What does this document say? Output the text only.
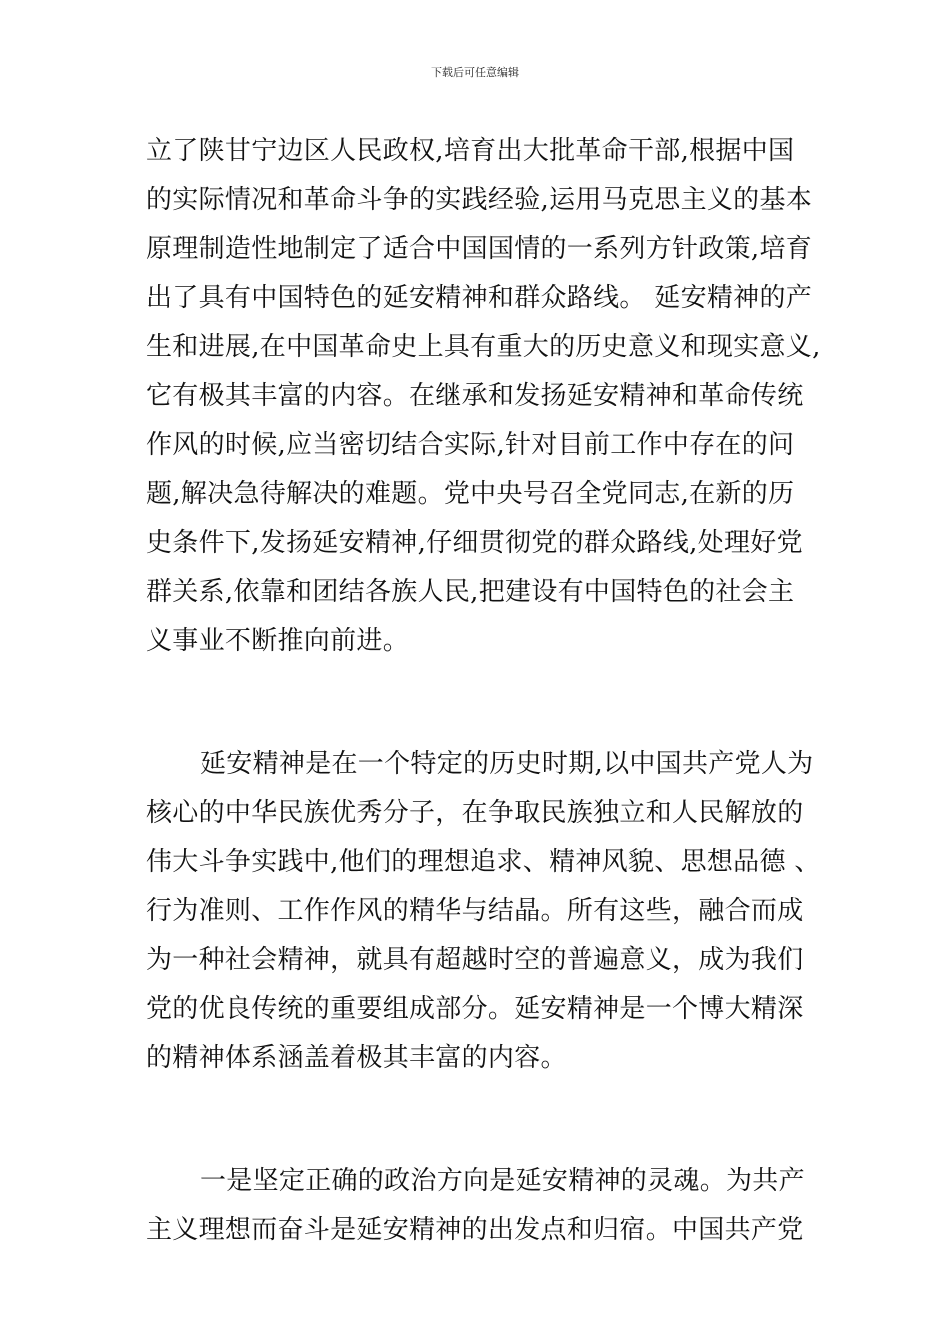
下载后可任意编辑

立了陕甘宁边区人民政权,培育出大批革命干部,根据中国
的实际情况和革命斗争的实践经验,运用马克思主义的基本
原理制造性地制定了适合中国国情的一系列方针政策,培育
出了具有中国特色的延安精神和群众路线。 延安精神的产
生和进展,在中国革命史上具有重大的历史意义和现实意义,
它有极其丰富的内容。在继承和发扬延安精神和革命传统
作风的时候,应当密切结合实际,针对目前工作中存在的问
题,解决急待解决的难题。党中央号召全党同志,在新的历
史条件下,发扬延安精神,仔细贯彻党的群众路线,处理好党
群关系,依靠和团结各族人民,把建设有中国特色的社会主
义事业不断推向前进。

延安精神是在一个特定的历史时期,以中国共产党人为
核心的中华民族优秀分子，在争取民族独立和人民解放的
伟大斗争实践中,他们的理想追求、精神风貌、思想品德 、
行为准则、工作作风的精华与结晶。所有这些，融合而成
为一种社会精神，就具有超越时空的普遍意义，成为我们
党的优良传统的重要组成部分。延安精神是一个博大精深
的精神体系涵盖着极其丰富的内容。

一是坚定正确的政治方向是延安精神的灵魂。为共产
主义理想而奋斗是延安精神的出发点和归宿。中国共产党
